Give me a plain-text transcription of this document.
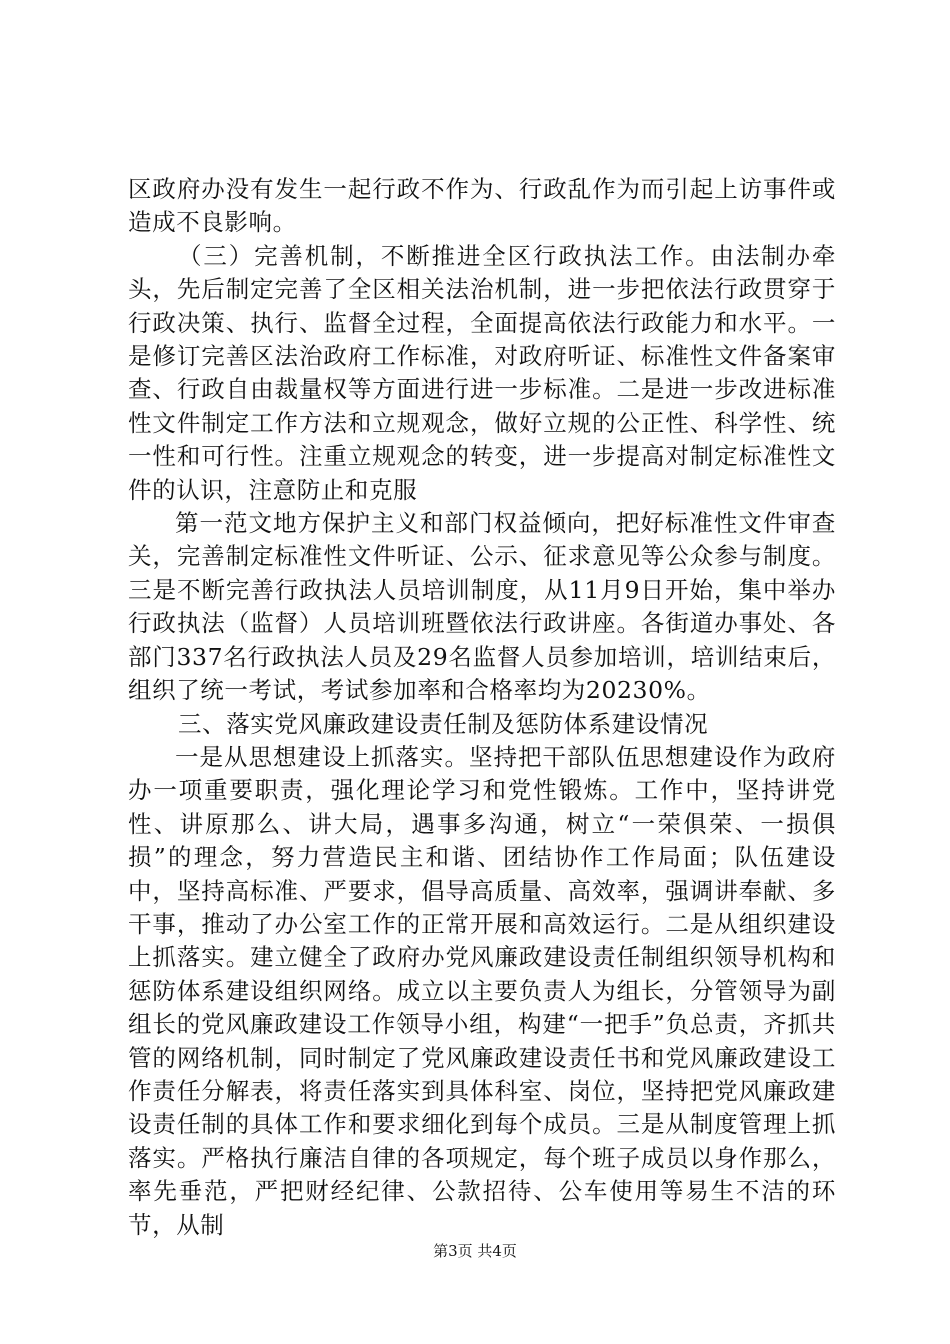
区政府办没有发生一起行政不作为、行政乱作为而引起上访事件或造成不良影响。

（三）完善机制，不断推进全区行政执法工作。由法制办牵头，先后制定完善了全区相关法治机制，进一步把依法行政贯穿于行政决策、执行、监督全过程，全面提高依法行政能力和水平。一是修订完善区法治政府工作标准，对政府听证、标准性文件备案审查、行政自由裁量权等方面进行进一步标准。二是进一步改进标准性文件制定工作方法和立规观念，做好立规的公正性、科学性、统一性和可行性。注重立规观念的转变，进一步提高对制定标准性文件的认识，注意防止和克服

第一范文地方保护主义和部门权益倾向，把好标准性文件审查关，完善制定标准性文件听证、公示、征求意见等公众参与制度。三是不断完善行政执法人员培训制度，从11月9日开始，集中举办行政执法（监督）人员培训班暨依法行政讲座。各街道办事处、各部门337名行政执法人员及29名监督人员参加培训，培训结束后，组织了统一考试，考试参加率和合格率均为20230%。

三、落实党风廉政建设责任制及惩防体系建设情况

一是从思想建设上抓落实。坚持把干部队伍思想建设作为政府办一项重要职责，强化理论学习和党性锻炼。工作中，坚持讲党性、讲原那么、讲大局，遇事多沟通，树立“一荣俱荣、一损俱损”的理念，努力营造民主和谐、团结协作工作局面；队伍建设中，坚持高标准、严要求，倡导高质量、高效率，强调讲奉献、多干事，推动了办公室工作的正常开展和高效运行。二是从组织建设上抓落实。建立健全了政府办党风廉政建设责任制组织领导机构和惩防体系建设组织网络。成立以主要负责人为组长，分管领导为副组长的党风廉政建设工作领导小组，构建“一把手”负总责，齐抓共管的网络机制，同时制定了党风廉政建设责任书和党风廉政建设工作责任分解表，将责任落实到具体科室、岗位，坚持把党风廉政建设责任制的具体工作和要求细化到每个成员。三是从制度管理上抓落实。严格执行廉洁自律的各项规定，每个班子成员以身作那么，率先垂范，严把财经纪律、公款招待、公车使用等易生不洁的环节，从制

第3页 共4页
